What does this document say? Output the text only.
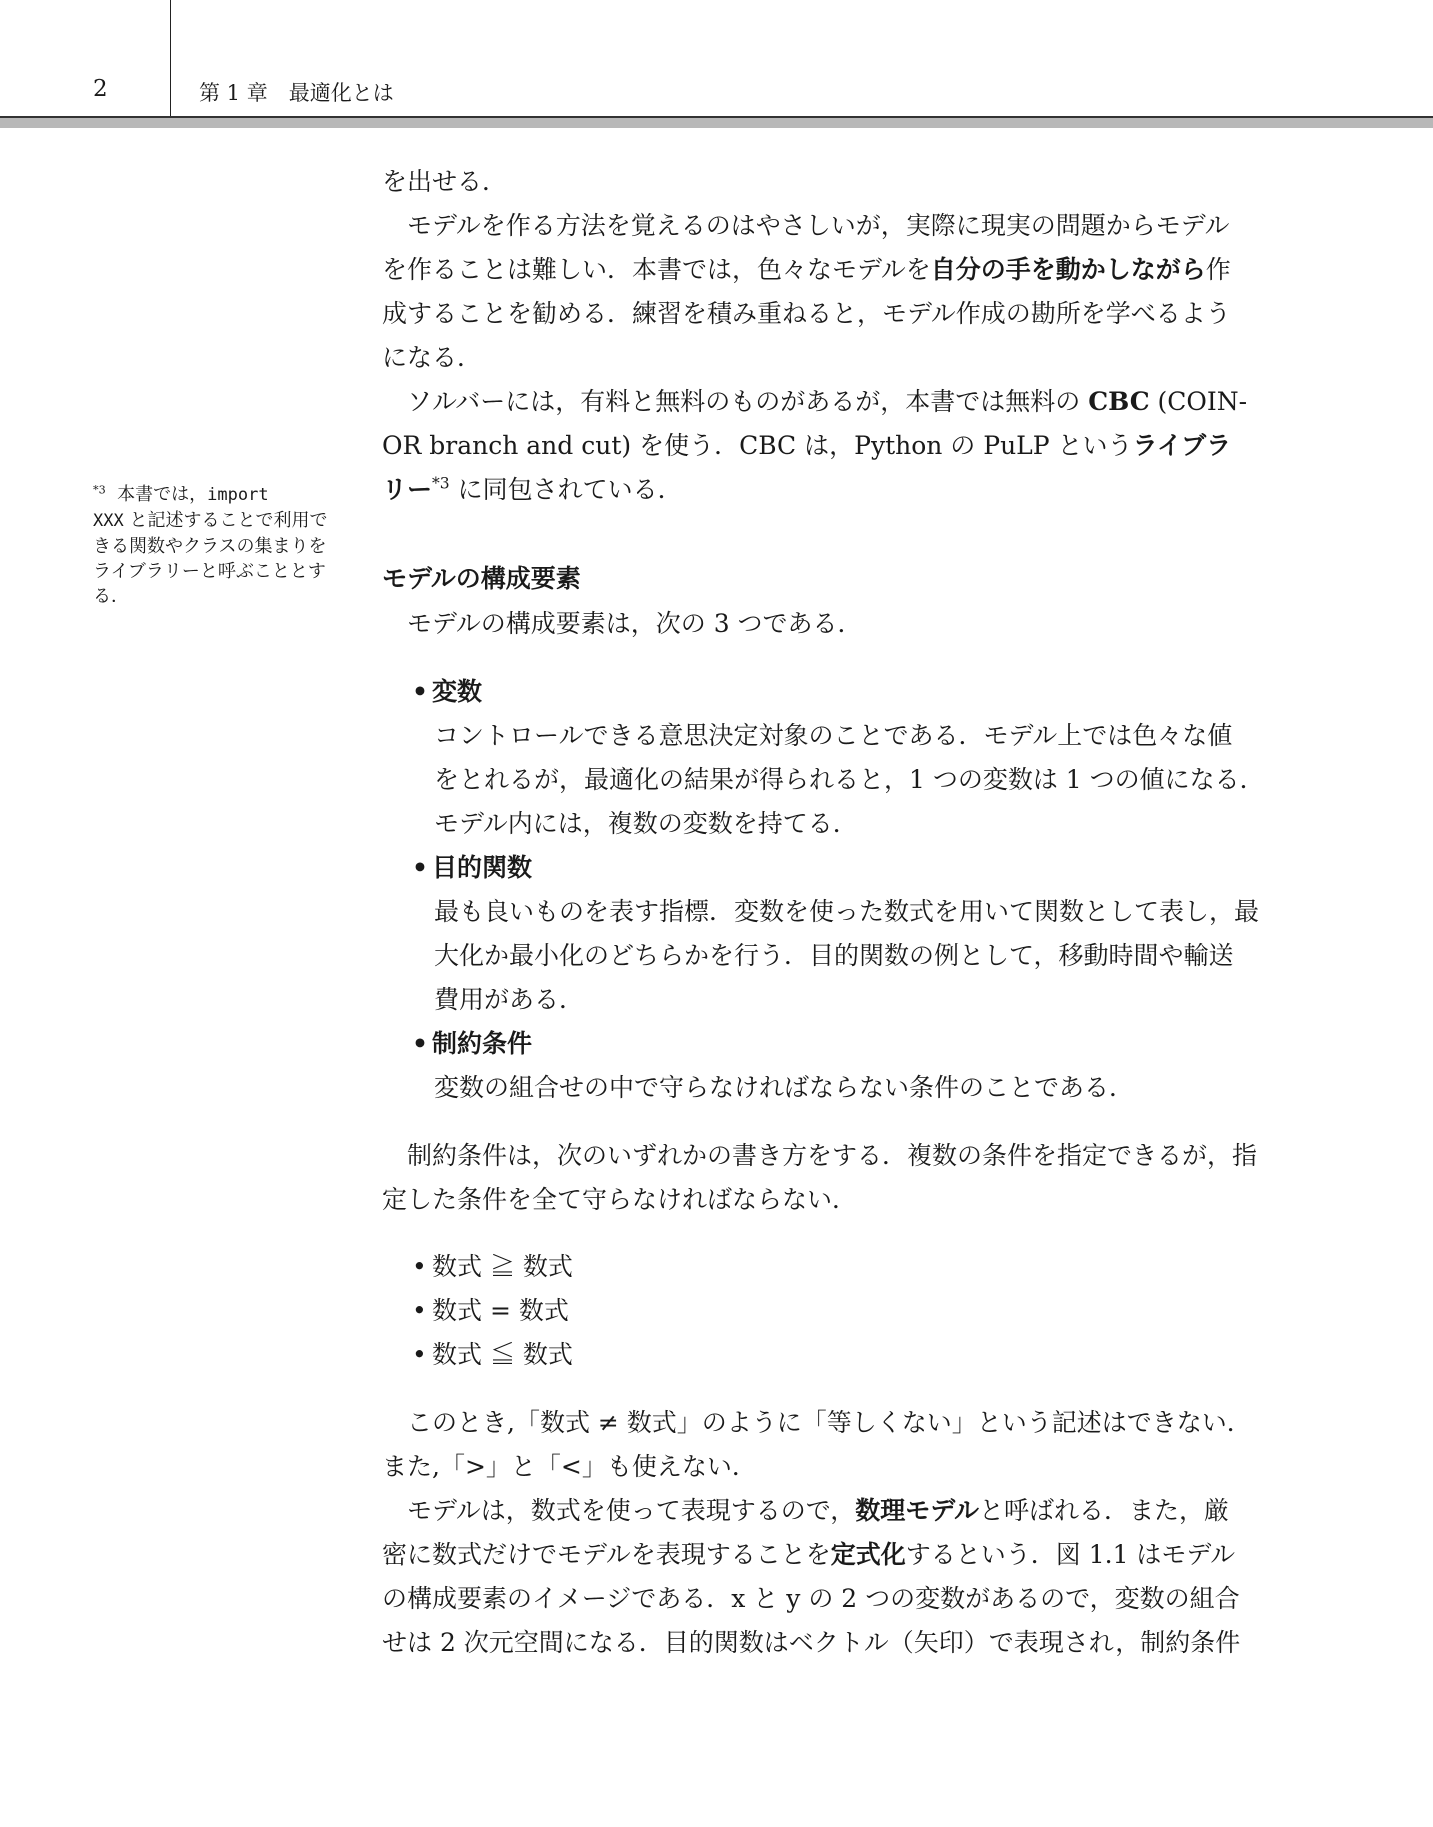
2	第 1 章　最適化とは
$^{*3}$ 本書では，import
XXX と記述することで利用できる関数やクラスの集まりをライブラリーと呼ぶこととする．
を出せる．
モデルを作る方法を覚えるのはやさしいが，実際に現実の問題からモデル
を作ることは難しい．本書では，色々なモデルを自分の手を動かしながら作
成することを勧める．練習を積み重ねると，モデル作成の勘所を学べるよう
になる．
ソルバーには，有料と無料のものがあるが，本書では無料の CBC (COIN-
OR branch and cut) を使う．CBC は，Python の PuLP というライブラ
リー$^{*3}$ に同包されている．
モデルの構成要素
モデルの構成要素は，次の 3 つである．
• 変数
コントロールできる意思決定対象のことである．モデル上では色々な値
をとれるが，最適化の結果が得られると，1 つの変数は 1 つの値になる．
モデル内には，複数の変数を持てる．
• 目的関数
最も良いものを表す指標．変数を使った数式を用いて関数として表し，最
大化か最小化のどちらかを行う．目的関数の例として，移動時間や輸送
費用がある．
• 制約条件
変数の組合せの中で守らなければならない条件のことである．
制約条件は，次のいずれかの書き方をする．複数の条件を指定できるが，指
定した条件を全て守らなければならない．
• 数式 ≧ 数式
• 数式 = 数式
• 数式 ≦ 数式
このとき,「数式 ≠ 数式」のように「等しくない」という記述はできない．
また,「>」と「<」も使えない．
モデルは，数式を使って表現するので，数理モデルと呼ばれる．また，厳
密に数式だけでモデルを表現することを定式化するという．図 1.1 はモデル
の構成要素のイメージである．x と y の 2 つの変数があるので，変数の組合
せは 2 次元空間になる．目的関数はベクトル（矢印）で表現され，制約条件
